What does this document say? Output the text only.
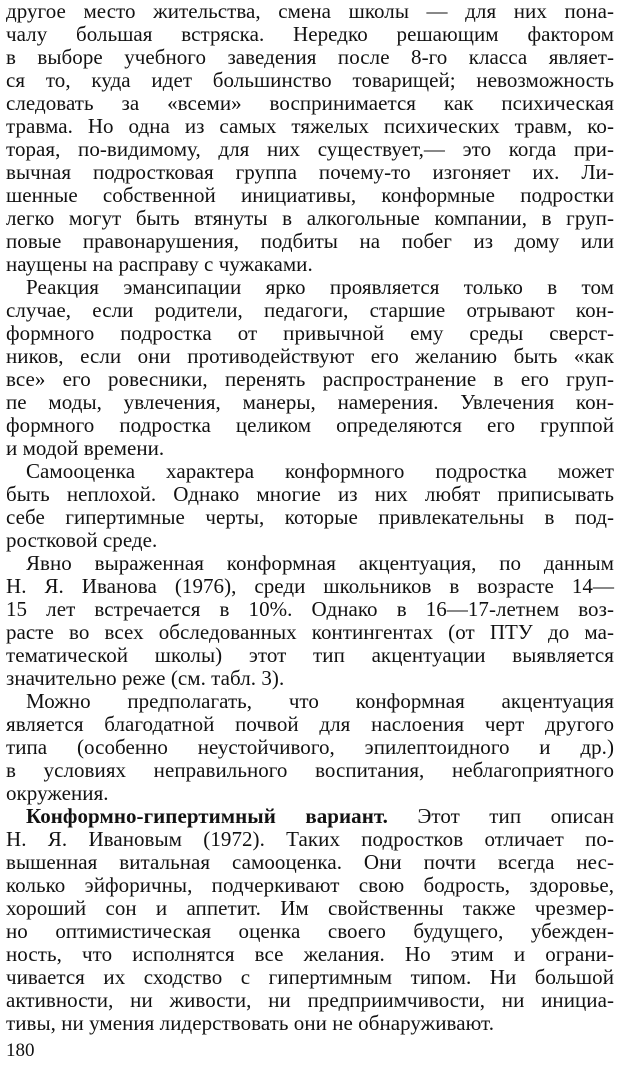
другое место жительства, смена школы — для них пона-
чалу большая встряска. Нередко решающим фактором
в выборе учебного заведения после 8-го класса являет-
ся то, куда идет большинство товарищей; невозможность
следовать за «всеми» воспринимается как психическая
травма. Но одна из самых тяжелых психических травм, ко-
торая, по-видимому, для них существует,— это когда при-
вычная подростковая группа почему-то изгоняет их. Ли-
шенные собственной инициативы, конформные подростки
легко могут быть втянуты в алкогольные компании, в груп-
повые правонарушения, подбиты на побег из дому или
наущены на расправу с чужаками.
Реакция эмансипации ярко проявляется только в том
случае, если родители, педагоги, старшие отрывают кон-
формного подростка от привычной ему среды сверст-
ников, если они противодействуют его желанию быть «как
все» его ровесники, перенять распространение в его груп-
пе моды, увлечения, манеры, намерения. Увлечения кон-
формного подростка целиком определяются его группой
и модой времени.
Самооценка характера конформного подростка может
быть неплохой. Однако многие из них любят приписывать
себе гипертимные черты, которые привлекательны в под-
ростковой среде.
Явно выраженная конформная акцентуация, по данным
Н. Я. Иванова (1976), среди школьников в возрасте 14—
15 лет встречается в 10%. Однако в 16—17-летнем воз-
расте во всех обследованных контингентах (от ПТУ до ма-
тематической школы) этот тип акцентуации выявляется
значительно реже (см. табл. 3).
Можно предполагать, что конформная акцентуация
является благодатной почвой для наслоения черт другого
типа (особенно неустойчивого, эпилептоидного и др.)
в условиях неправильного воспитания, неблагоприятного
окружения.
Конформно-гипертимный вариант. Этот тип описан
Н. Я. Ивановым (1972). Таких подростков отличает по-
вышенная витальная самооценка. Они почти всегда нес-
колько эйфоричны, подчеркивают свою бодрость, здоровье,
хороший сон и аппетит. Им свойственны также чрезмер-
но оптимистическая оценка своего будущего, убежден-
ность, что исполнятся все желания. Но этим и ограни-
чивается их сходство с гипертимным типом. Ни большой
активности, ни живости, ни предприимчивости, ни инициа-
тивы, ни умения лидерствовать они не обнаруживают.
180
